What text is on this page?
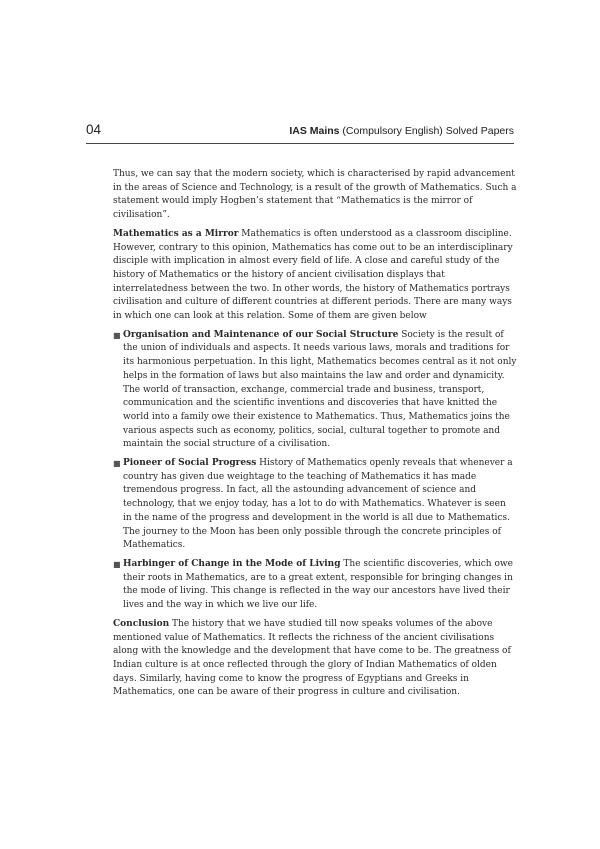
04	IAS Mains (Compulsory English) Solved Papers

Thus, we can say that the modern society, which is characterised by rapid advancement in the areas of Science and Technology, is a result of the growth of Mathematics. Such a statement would imply Hogben’s statement that “Mathematics is the mirror of civilisation”.

Mathematics as a Mirror Mathematics is often understood as a classroom discipline. However, contrary to this opinion, Mathematics has come out to be an interdisciplinary disciple with implication in almost every field of life. A close and careful study of the history of Mathematics or the history of ancient civilisation displays that interrelatedness between the two. In other words, the history of Mathematics portrays civilisation and culture of different countries at different periods. There are many ways in which one can look at this relation. Some of them are given below

■ Organisation and Maintenance of our Social Structure Society is the result of the union of individuals and aspects. It needs various laws, morals and traditions for its harmonious perpetuation. In this light, Mathematics becomes central as it not only helps in the formation of laws but also maintains the law and order and dynamicity. The world of transaction, exchange, commercial trade and business, transport, communication and the scientific inventions and discoveries that have knitted the world into a family owe their existence to Mathematics. Thus, Mathematics joins the various aspects such as economy, politics, social, cultural together to promote and maintain the social structure of a civilisation.
■ Pioneer of Social Progress History of Mathematics openly reveals that whenever a country has given due weightage to the teaching of Mathematics it has made tremendous progress. In fact, all the astounding advancement of science and technology, that we enjoy today, has a lot to do with Mathematics. Whatever is seen in the name of the progress and development in the world is all due to Mathematics. The journey to the Moon has been only possible through the concrete principles of Mathematics.
■ Harbinger of Change in the Mode of Living The scientific discoveries, which owe their roots in Mathematics, are to a great extent, responsible for bringing changes in the mode of living. This change is reflected in the way our ancestors have lived their lives and the way in which we live our life.

Conclusion The history that we have studied till now speaks volumes of the above mentioned value of Mathematics. It reflects the richness of the ancient civilisations along with the knowledge and the development that have come to be. The greatness of Indian culture is at once reflected through the glory of Indian Mathematics of olden days. Similarly, having come to know the progress of Egyptians and Greeks in Mathematics, one can be aware of their progress in culture and civilisation.
